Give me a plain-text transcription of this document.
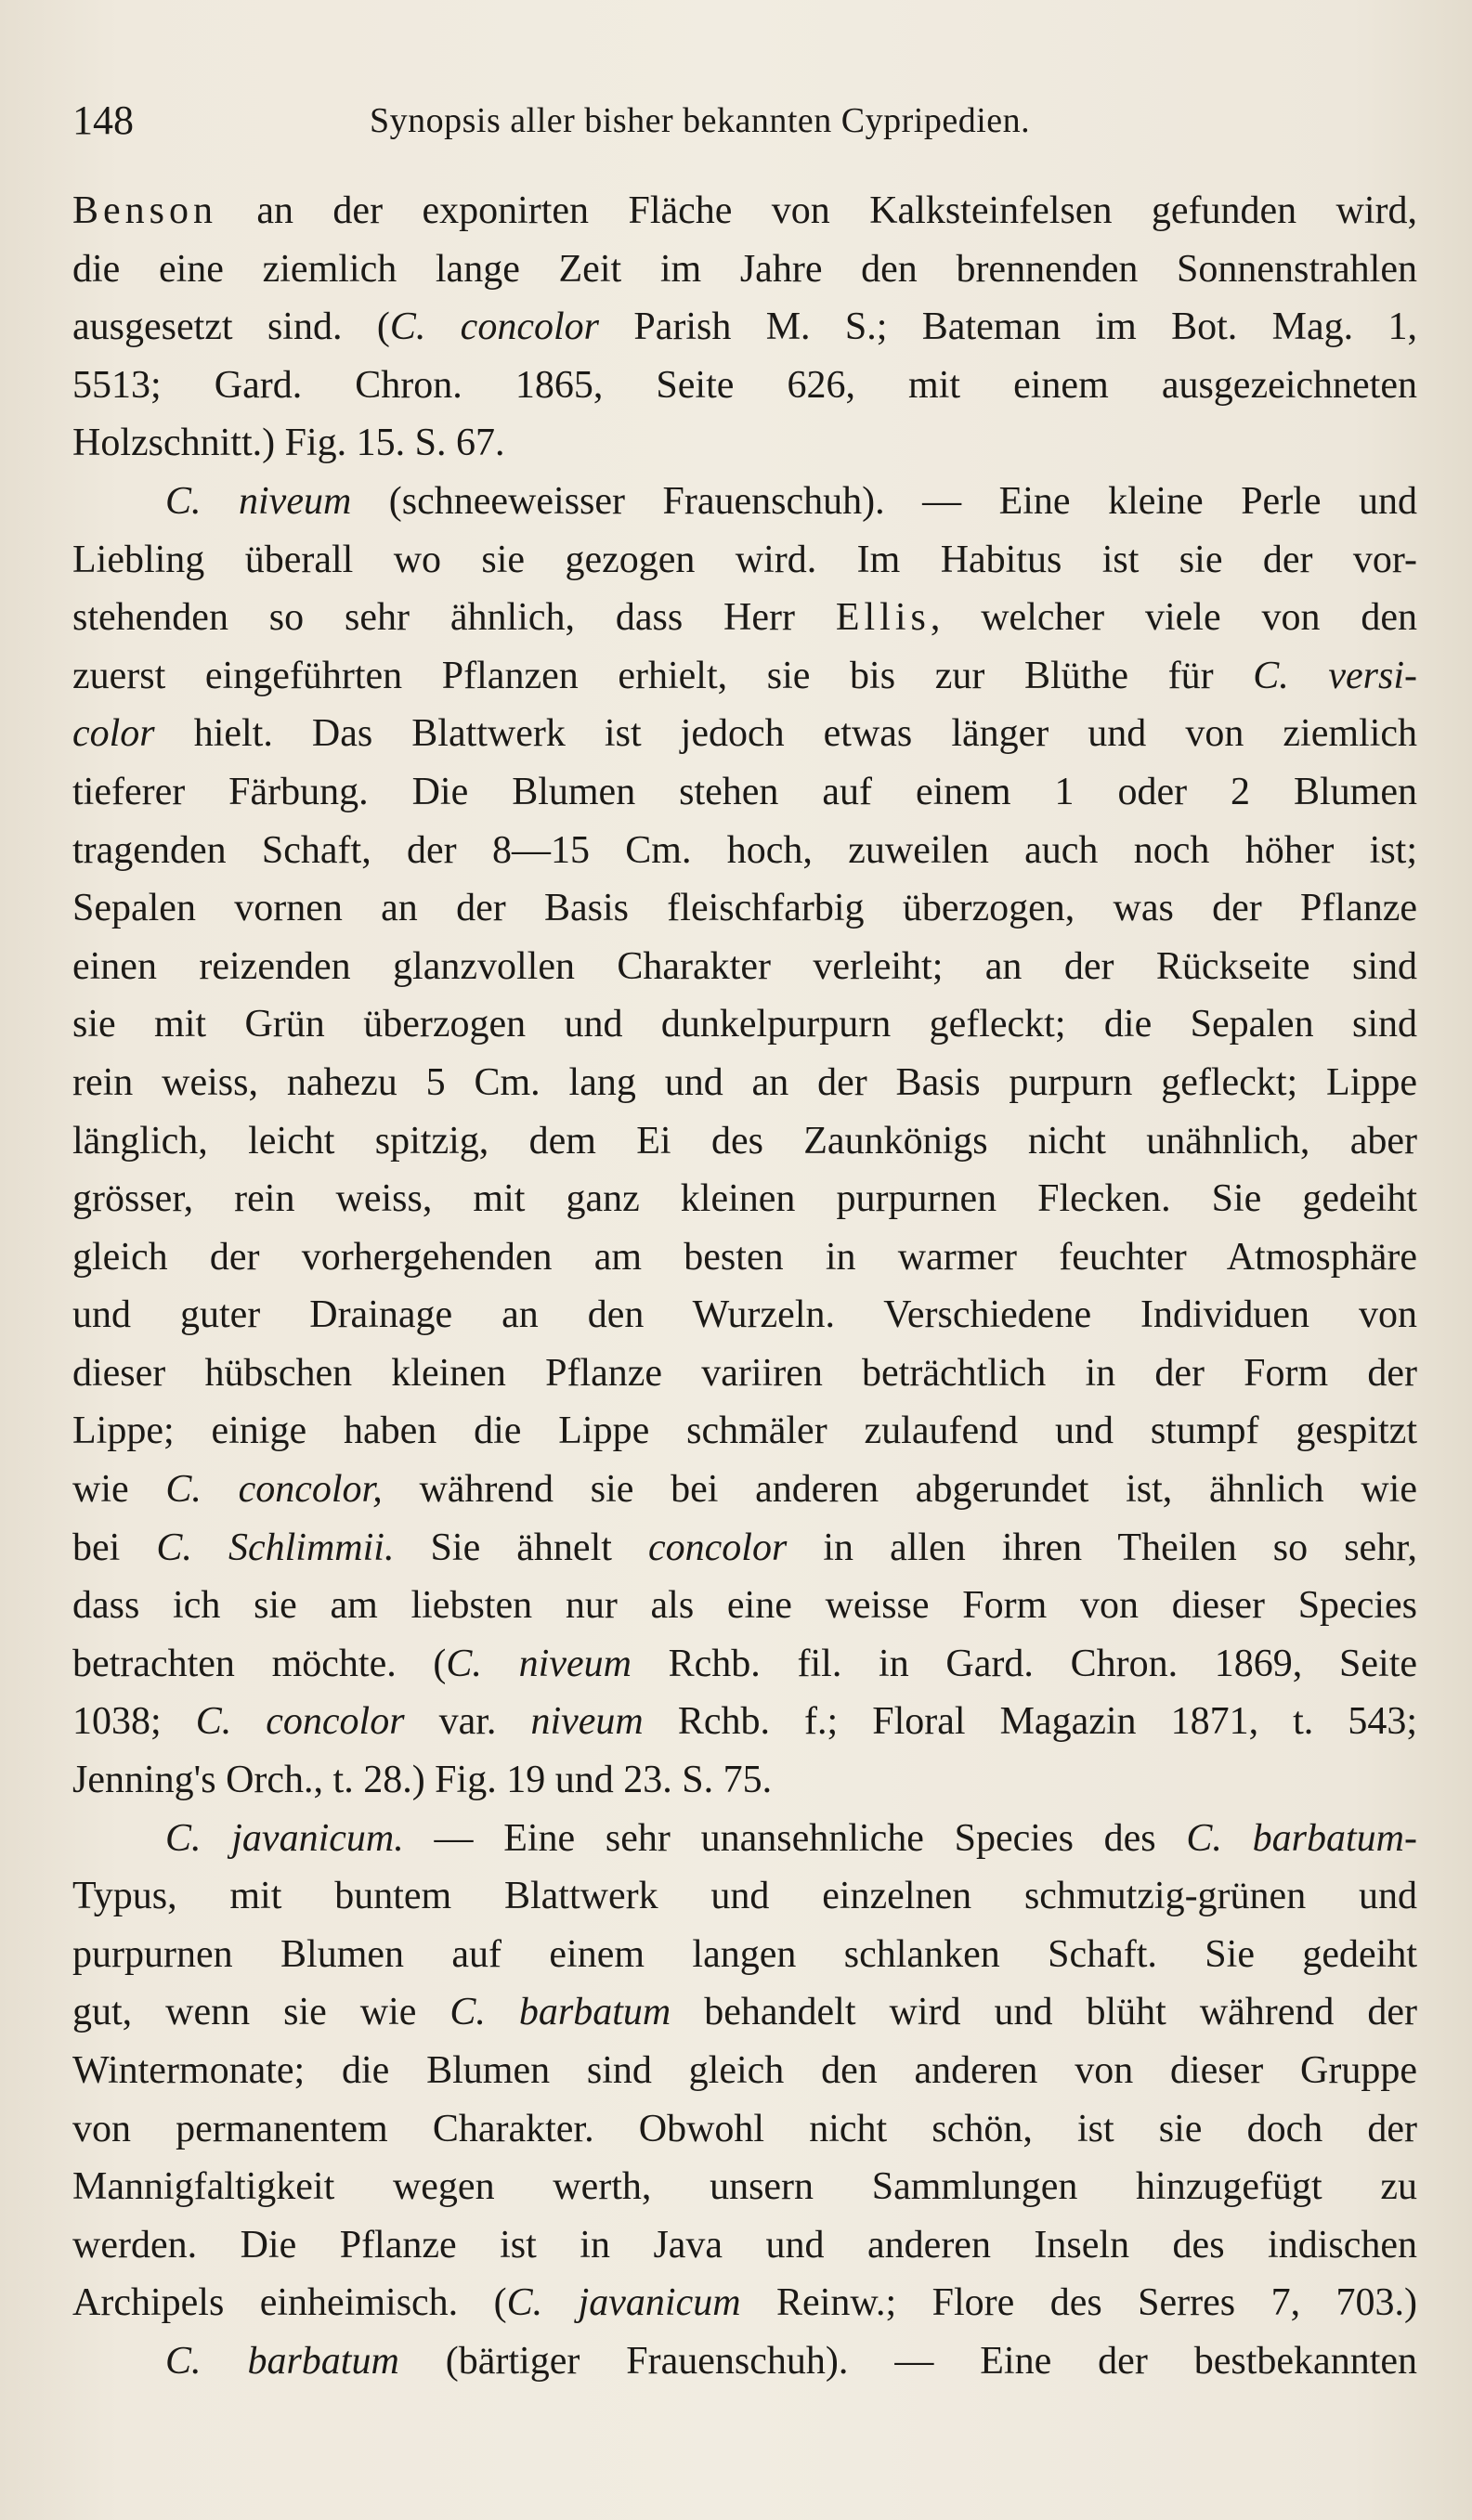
148	Synopsis aller bisher bekannten Cypripedien.
Benson an der exponirten Fläche von Kalksteinfelsen gefunden wird,
die eine ziemlich lange Zeit im Jahre den brennenden Sonnenstrahlen
ausgesetzt sind. (C. concolor Parish M. S.; Bateman im Bot. Mag. 1,
5513; Gard. Chron. 1865, Seite 626, mit einem ausgezeichneten
Holzschnitt.) Fig. 15. S. 67.
C. niveum (schneeweisser Frauenschuh). — Eine kleine Perle und
Liebling überall wo sie gezogen wird. Im Habitus ist sie der vor-
stehenden so sehr ähnlich, dass Herr Ellis, welcher viele von den
zuerst eingeführten Pflanzen erhielt, sie bis zur Blüthe für C. versi-
color hielt. Das Blattwerk ist jedoch etwas länger und von ziemlich
tieferer Färbung. Die Blumen stehen auf einem 1 oder 2 Blumen
tragenden Schaft, der 8—15 Cm. hoch, zuweilen auch noch höher ist;
Sepalen vornen an der Basis fleischfarbig überzogen, was der Pflanze
einen reizenden glanzvollen Charakter verleiht; an der Rückseite sind
sie mit Grün überzogen und dunkelpurpurn gefleckt; die Sepalen sind
rein weiss, nahezu 5 Cm. lang und an der Basis purpurn gefleckt; Lippe
länglich, leicht spitzig, dem Ei des Zaunkönigs nicht unähnlich, aber
grösser, rein weiss, mit ganz kleinen purpurnen Flecken. Sie gedeiht
gleich der vorhergehenden am besten in warmer feuchter Atmosphäre
und guter Drainage an den Wurzeln. Verschiedene Individuen von
dieser hübschen kleinen Pflanze variiren beträchtlich in der Form der
Lippe; einige haben die Lippe schmäler zulaufend und stumpf gespitzt
wie C. concolor, während sie bei anderen abgerundet ist, ähnlich wie
bei C. Schlimmii. Sie ähnelt concolor in allen ihren Theilen so sehr,
dass ich sie am liebsten nur als eine weisse Form von dieser Species
betrachten möchte. (C. niveum Rchb. fil. in Gard. Chron. 1869, Seite
1038; C. concolor var. niveum Rchb. f.; Floral Magazin 1871, t. 543;
Jenning's Orch., t. 28.) Fig. 19 und 23. S. 75.
C. javanicum. — Eine sehr unansehnliche Species des C. barbatum-
Typus, mit buntem Blattwerk und einzelnen schmutzig-grünen und
purpurnen Blumen auf einem langen schlanken Schaft. Sie gedeiht
gut, wenn sie wie C. barbatum behandelt wird und blüht während der
Wintermonate; die Blumen sind gleich den anderen von dieser Gruppe
von permanentem Charakter. Obwohl nicht schön, ist sie doch der
Mannigfaltigkeit wegen werth, unsern Sammlungen hinzugefügt zu
werden. Die Pflanze ist in Java und anderen Inseln des indischen
Archipels einheimisch. (C. javanicum Reinw.; Flore des Serres 7, 703.)
C. barbatum (bärtiger Frauenschuh). — Eine der bestbekannten
